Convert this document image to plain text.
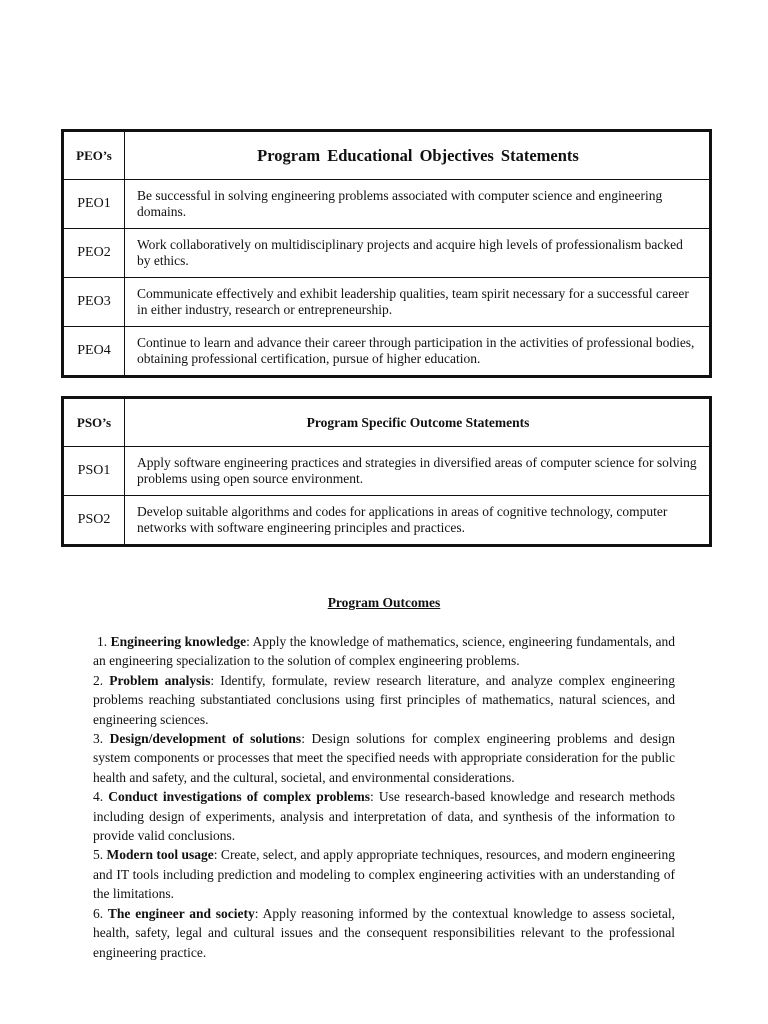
PEO’s	Program Educational Objectives Statements
PEO1	Be successful in solving engineering problems associated with computer science and engineering domains.
PEO2	Work collaboratively on multidisciplinary projects and acquire high levels of professionalism backed by ethics.
PEO3	Communicate effectively and exhibit leadership qualities, team spirit necessary for a successful career in either industry, research or entrepreneurship.
PEO4	Continue to learn and advance their career through participation in the activities of professional bodies, obtaining professional certification, pursue of higher education.
PSO’s	Program Specific Outcome Statements
PSO1	Apply software engineering practices and strategies in diversified areas of computer science for solving problems using open source environment.
PSO2	Develop suitable algorithms and codes for applications in areas of cognitive technology, computer networks with software engineering principles and practices.
Program Outcomes

1. Engineering knowledge: Apply the knowledge of mathematics, science, engineering fundamentals, and an engineering specialization to the solution of complex engineering problems.

2. Problem analysis: Identify, formulate, review research literature, and analyze complex engineering problems reaching substantiated conclusions using first principles of mathematics, natural sciences, and engineering sciences.

3. Design/development of solutions: Design solutions for complex engineering problems and design system components or processes that meet the specified needs with appropriate consideration for the public health and safety, and the cultural, societal, and environmental considerations.

4. Conduct investigations of complex problems: Use research-based knowledge and research methods including design of experiments, analysis and interpretation of data, and synthesis of the information to provide valid conclusions.

5. Modern tool usage: Create, select, and apply appropriate techniques, resources, and modern engineering and IT tools including prediction and modeling to complex engineering activities with an understanding of the limitations.

6. The engineer and society: Apply reasoning informed by the contextual knowledge to assess societal, health, safety, legal and cultural issues and the consequent responsibilities relevant to the professional engineering practice.
